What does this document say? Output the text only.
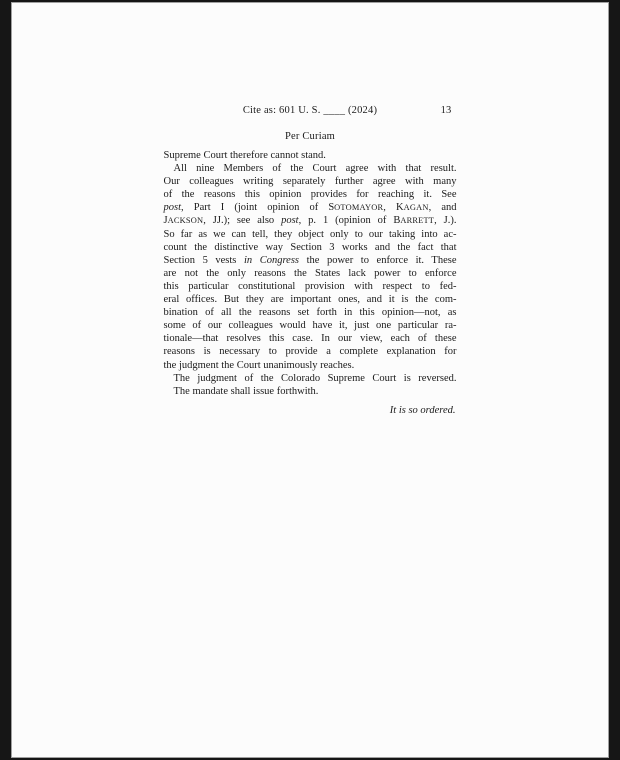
Cite as: 601 U. S. ____ (2024)	13
Per Curiam
Supreme Court therefore cannot stand.
All nine Members of the Court agree with that result.
Our colleagues writing separately further agree with many
of the reasons this opinion provides for reaching it. See
post, Part I (joint opinion of SOTOMAYOR, KAGAN, and
JACKSON, JJ.); see also post, p. 1 (opinion of BARRETT, J.).
So far as we can tell, they object only to our taking into ac-
count the distinctive way Section 3 works and the fact that
Section 5 vests in Congress the power to enforce it. These
are not the only reasons the States lack power to enforce
this particular constitutional provision with respect to fed-
eral offices. But they are important ones, and it is the com-
bination of all the reasons set forth in this opinion—not, as
some of our colleagues would have it, just one particular ra-
tionale—that resolves this case. In our view, each of these
reasons is necessary to provide a complete explanation for
the judgment the Court unanimously reaches.
The judgment of the Colorado Supreme Court is reversed.
The mandate shall issue forthwith.
It is so ordered.
